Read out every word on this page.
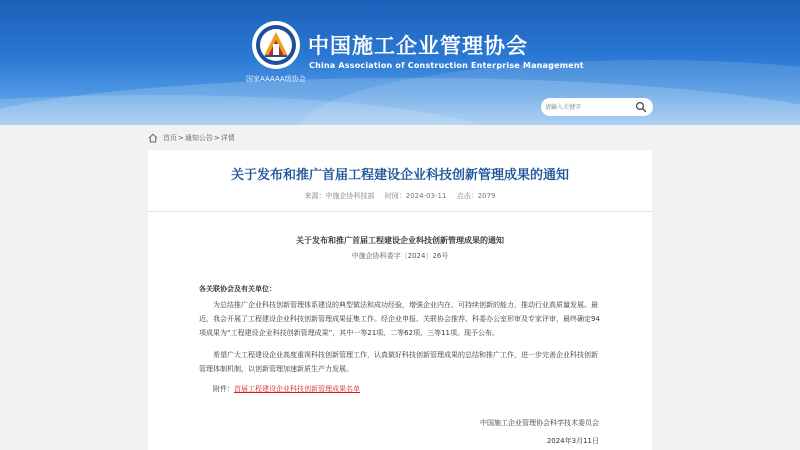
国家AAAAA级协会
中国施工企业管理协会
China Association of Construction Enterprise Management
请输入关键字
首页 > 通知公告 > 详情
关于发布和推广首届工程建设企业科技创新管理成果的通知
来源：中施企协科技部 时间：2024-03-11 点击：2079
关于发布和推广首届工程建设企业科技创新管理成果的通知
中施企协科委字〔2024〕26号
各关联协会及有关单位：
为总结推广企业科技创新管理体系建设的典型做法和成功经验，增强企业内在、可持续创新的能力，推动行业高质量发展。最近，我会开展了工程建设企业科技创新管理成果征集工作。经企业申报、关联协会推荐、科委办公室形审及专家评审，最终确定94项成果为“工程建设企业科技创新管理成果”，其中一等21项、二等62项、三等11项。现予公布。
希望广大工程建设企业高度重视科技创新管理工作，认真做好科技创新管理成果的总结和推广工作，进一步完善企业科技创新管理体制机制，以创新管理加速新质生产力发展。
附件：首届工程建设企业科技创新管理成果名单
中国施工企业管理协会科学技术委员会
2024年3月11日
